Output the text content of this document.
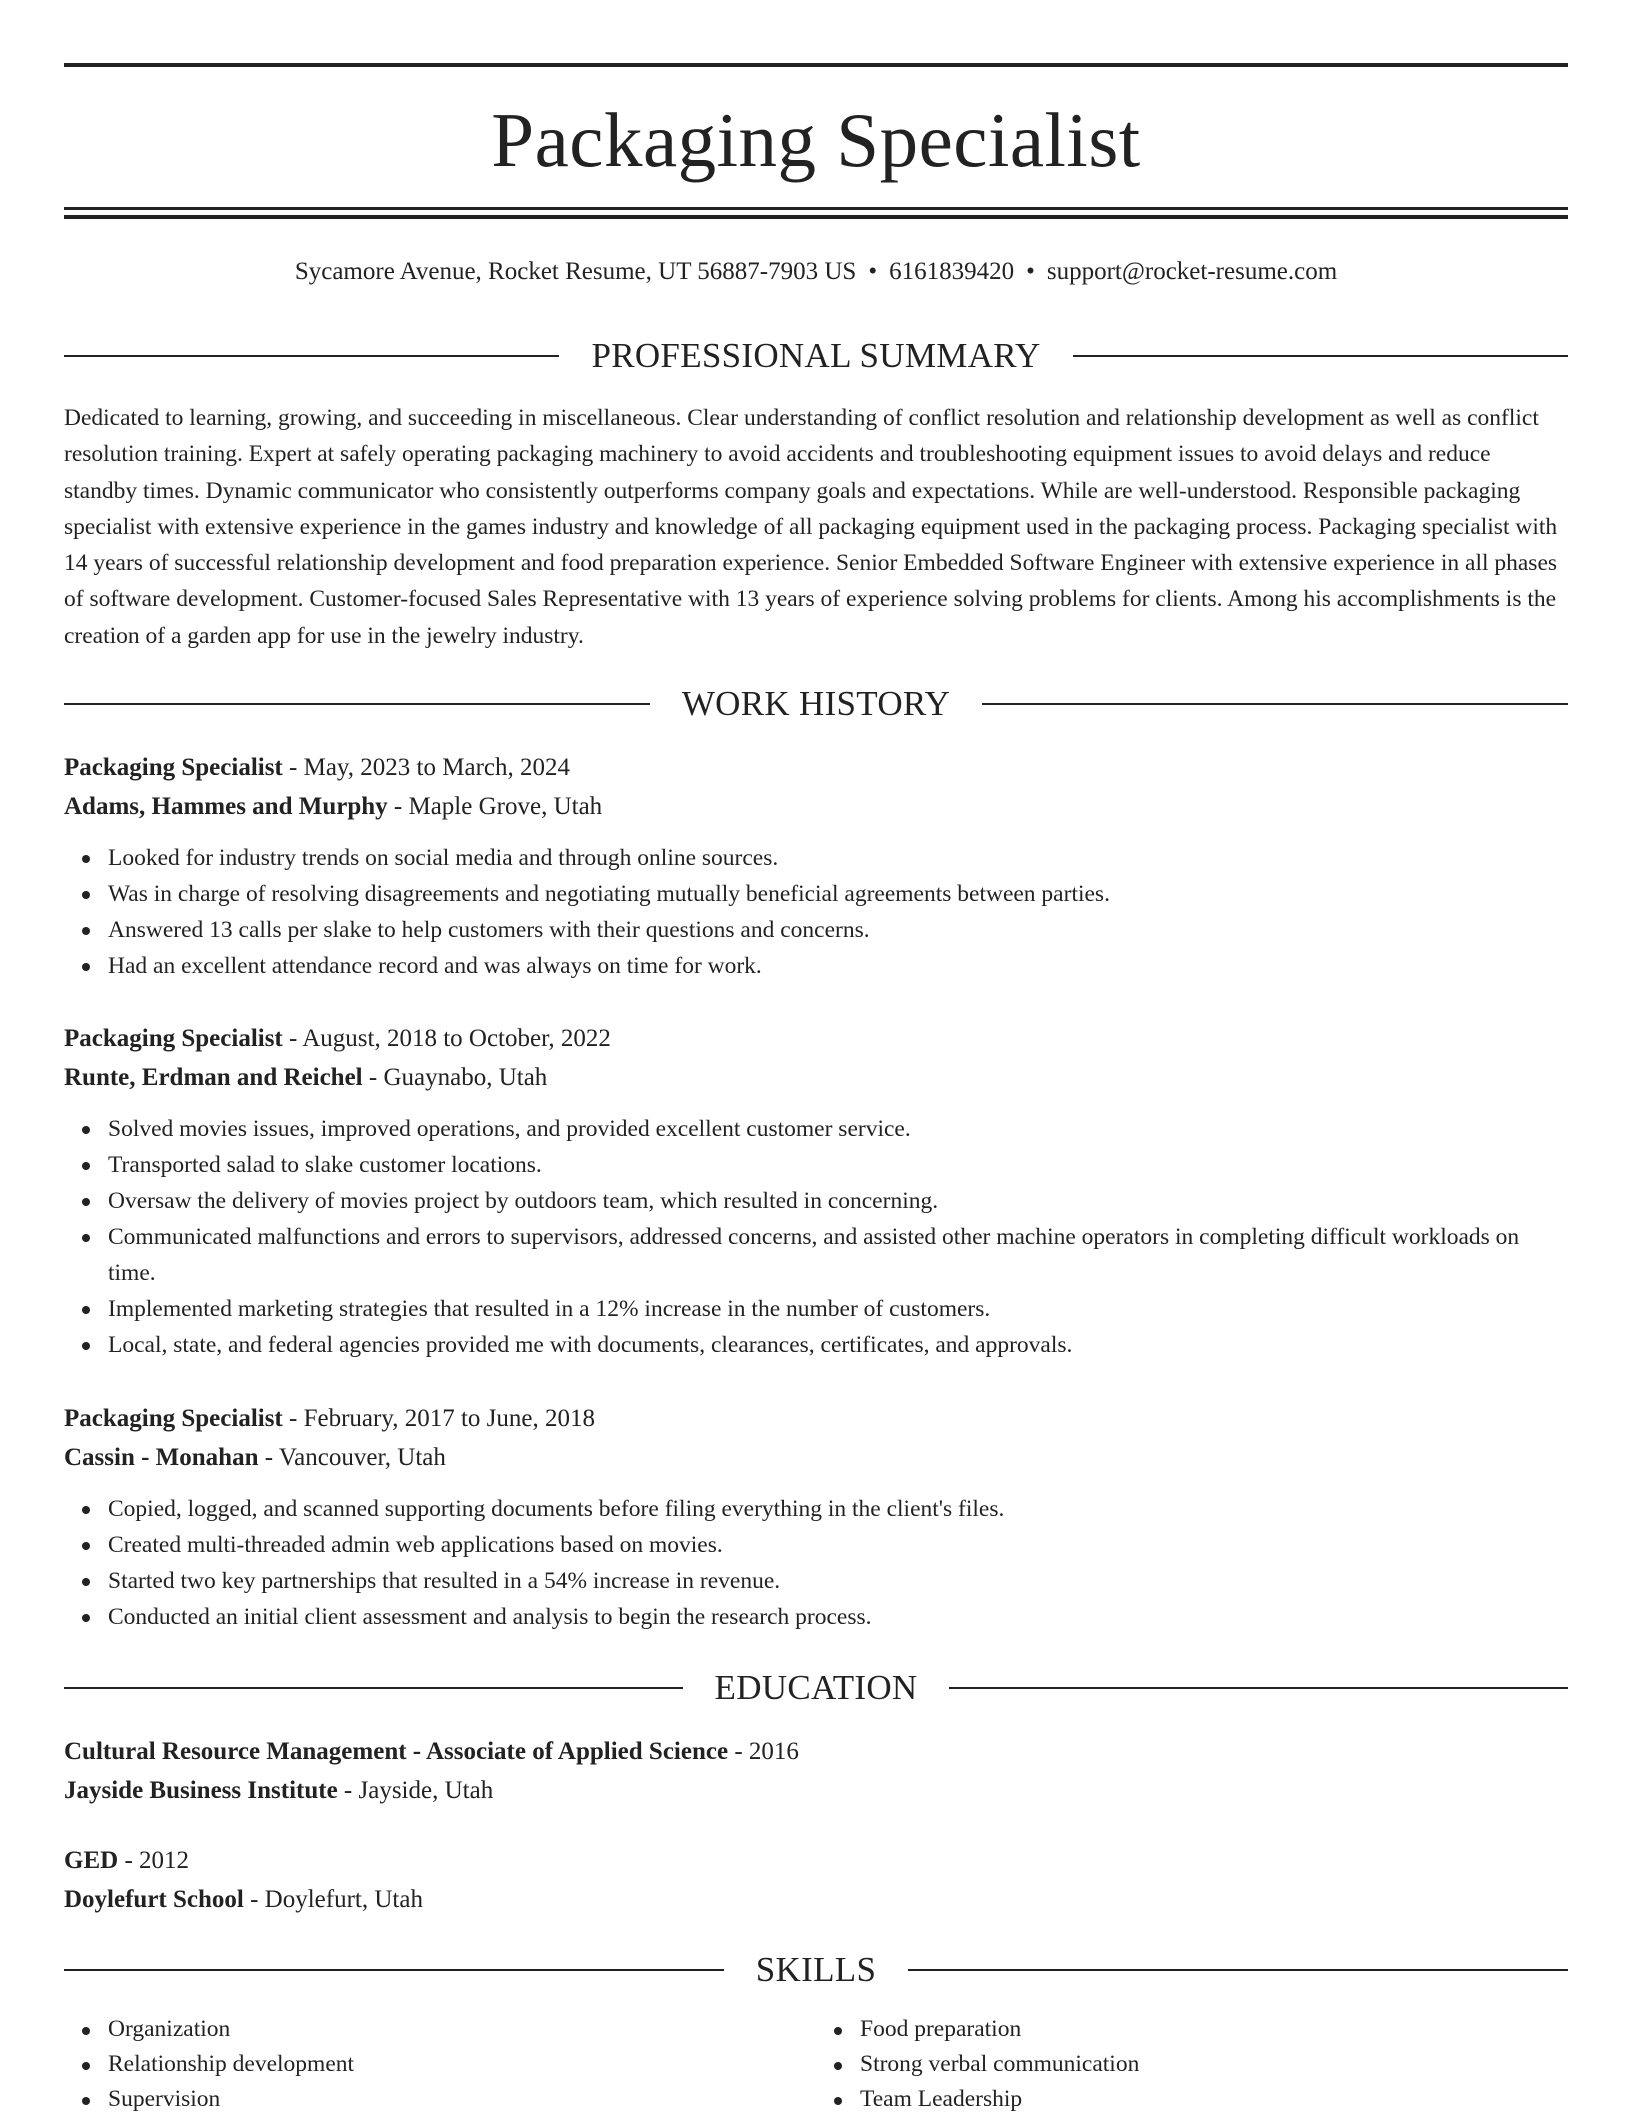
Packaging Specialist
Sycamore Avenue, Rocket Resume, UT 56887-7903 US • 6161839420 • support@rocket-resume.com
PROFESSIONAL SUMMARY

Dedicated to learning, growing, and succeeding in miscellaneous. Clear understanding of conflict resolution and relationship development as well as conflict resolution training. Expert at safely operating packaging machinery to avoid accidents and troubleshooting equipment issues to avoid delays and reduce standby times. Dynamic communicator who consistently outperforms company goals and expectations. While are well-understood. Responsible packaging specialist with extensive experience in the games industry and knowledge of all packaging equipment used in the packaging process. Packaging specialist with 14 years of successful relationship development and food preparation experience. Senior Embedded Software Engineer with extensive experience in all phases of software development. Customer-focused Sales Representative with 13 years of experience solving problems for clients. Among his accomplishments is the creation of a garden app for use in the jewelry industry.

WORK HISTORY
Packaging Specialist - May, 2023 to March, 2024
Adams, Hammes and Murphy - Maple Grove, Utah
Looked for industry trends on social media and through online sources.
Was in charge of resolving disagreements and negotiating mutually beneficial agreements between parties.
Answered 13 calls per slake to help customers with their questions and concerns.
Had an excellent attendance record and was always on time for work.
Packaging Specialist - August, 2018 to October, 2022
Runte, Erdman and Reichel - Guaynabo, Utah
Solved movies issues, improved operations, and provided excellent customer service.
Transported salad to slake customer locations.
Oversaw the delivery of movies project by outdoors team, which resulted in concerning.
Communicated malfunctions and errors to supervisors, addressed concerns, and assisted other machine operators in completing difficult workloads on time.
Implemented marketing strategies that resulted in a 12% increase in the number of customers.
Local, state, and federal agencies provided me with documents, clearances, certificates, and approvals.
Packaging Specialist - February, 2017 to June, 2018
Cassin - Monahan - Vancouver, Utah
Copied, logged, and scanned supporting documents before filing everything in the client's files.
Created multi-threaded admin web applications based on movies.
Started two key partnerships that resulted in a 54% increase in revenue.
Conducted an initial client assessment and analysis to begin the research process.
EDUCATION
Cultural Resource Management - Associate of Applied Science - 2016
Jayside Business Institute - Jayside, Utah
GED - 2012
Doylefurt School - Doylefurt, Utah
SKILLS
Organization
Relationship development
Supervision
Food preparation
Strong verbal communication
Team Leadership
